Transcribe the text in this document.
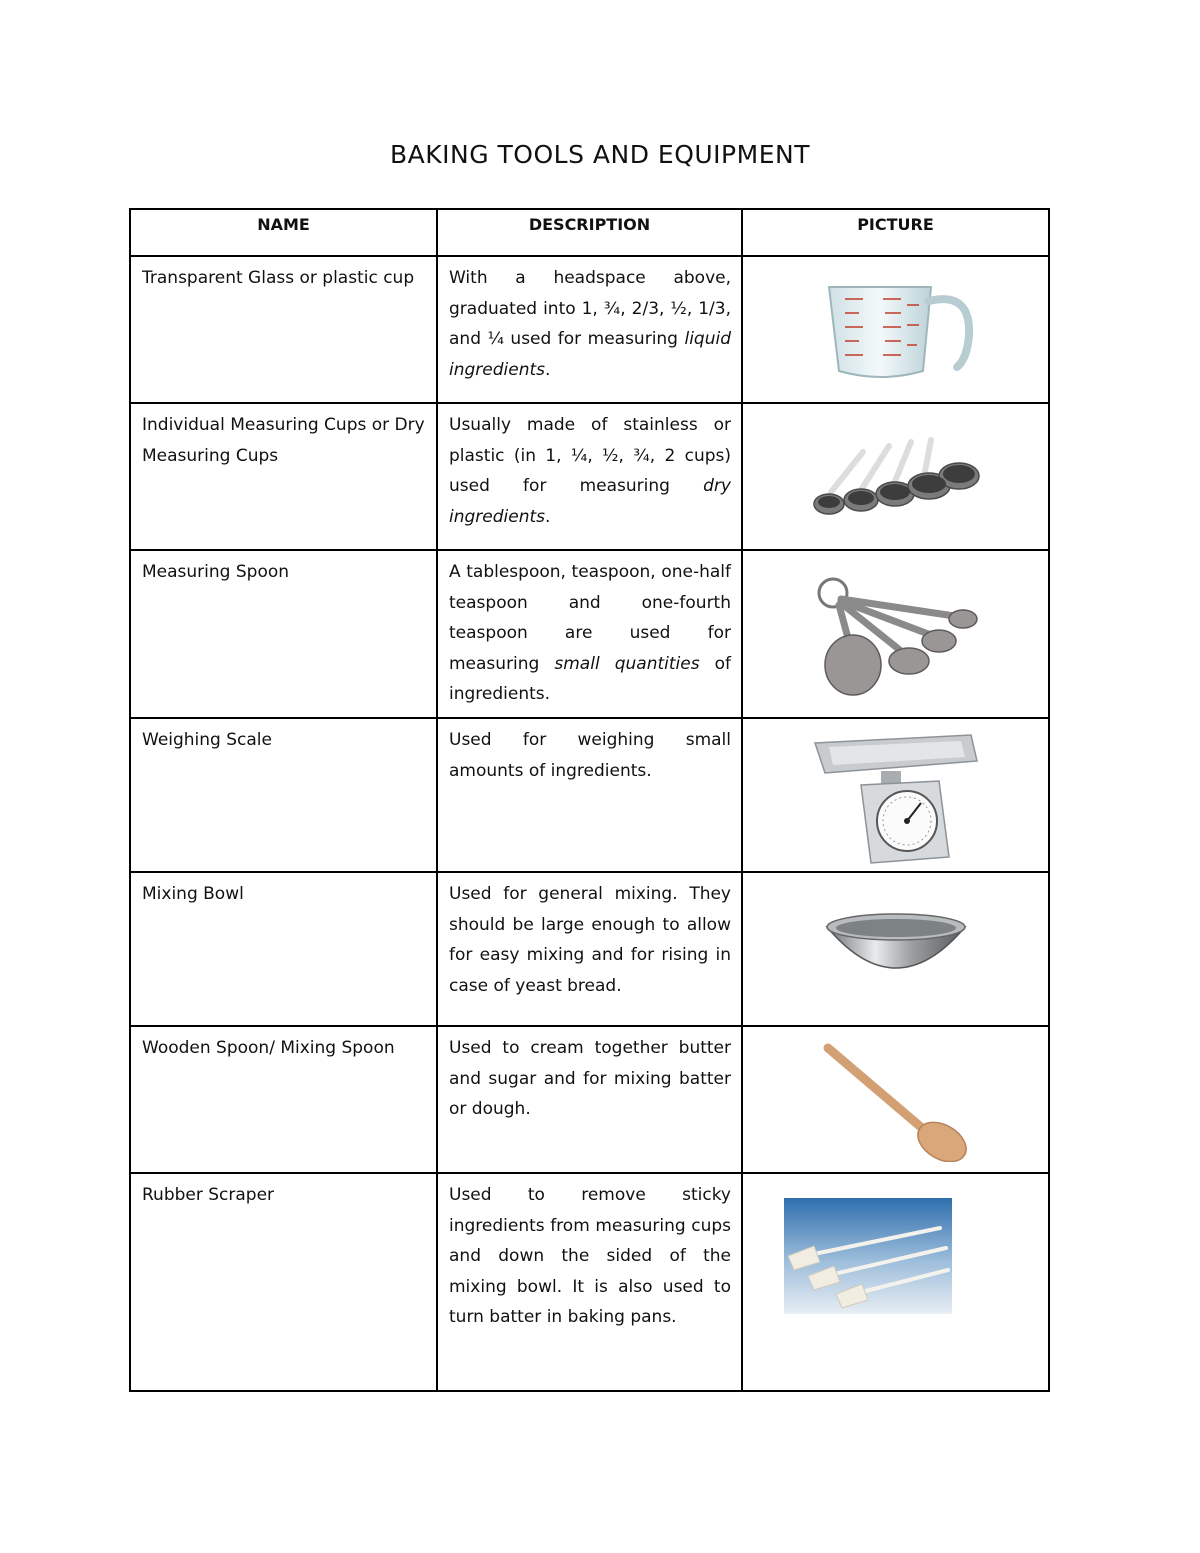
BAKING TOOLS AND EQUIPMENT
NAME	DESCRIPTION	PICTURE
Transparent Glass or plastic cup	With a headspace above, graduated into 1, ¾, 2/3, ½, 1/3, and ¼ used for measuring liquid ingredients.	

Individual Measuring Cups or Dry Measuring Cups	Usually made of stainless or plastic (in 1, ¼, ½, ¾, 2 cups) used for measuring dry ingredients.	

Measuring Spoon	A tablespoon, teaspoon, one-half teaspoon and one-fourth teaspoon are used for measuring small quantities of ingredients.	

Weighing Scale	Used for weighing small amounts of ingredients.	

Mixing Bowl	Used for general mixing. They should be large enough to allow for easy mixing and for rising in case of yeast bread.	

Wooden Spoon/ Mixing Spoon	Used to cream together butter and sugar and for mixing batter or dough.	

Rubber Scraper	Used to remove sticky ingredients from measuring cups and down the sided of the mixing bowl. It is also used to turn batter in baking pans.	
